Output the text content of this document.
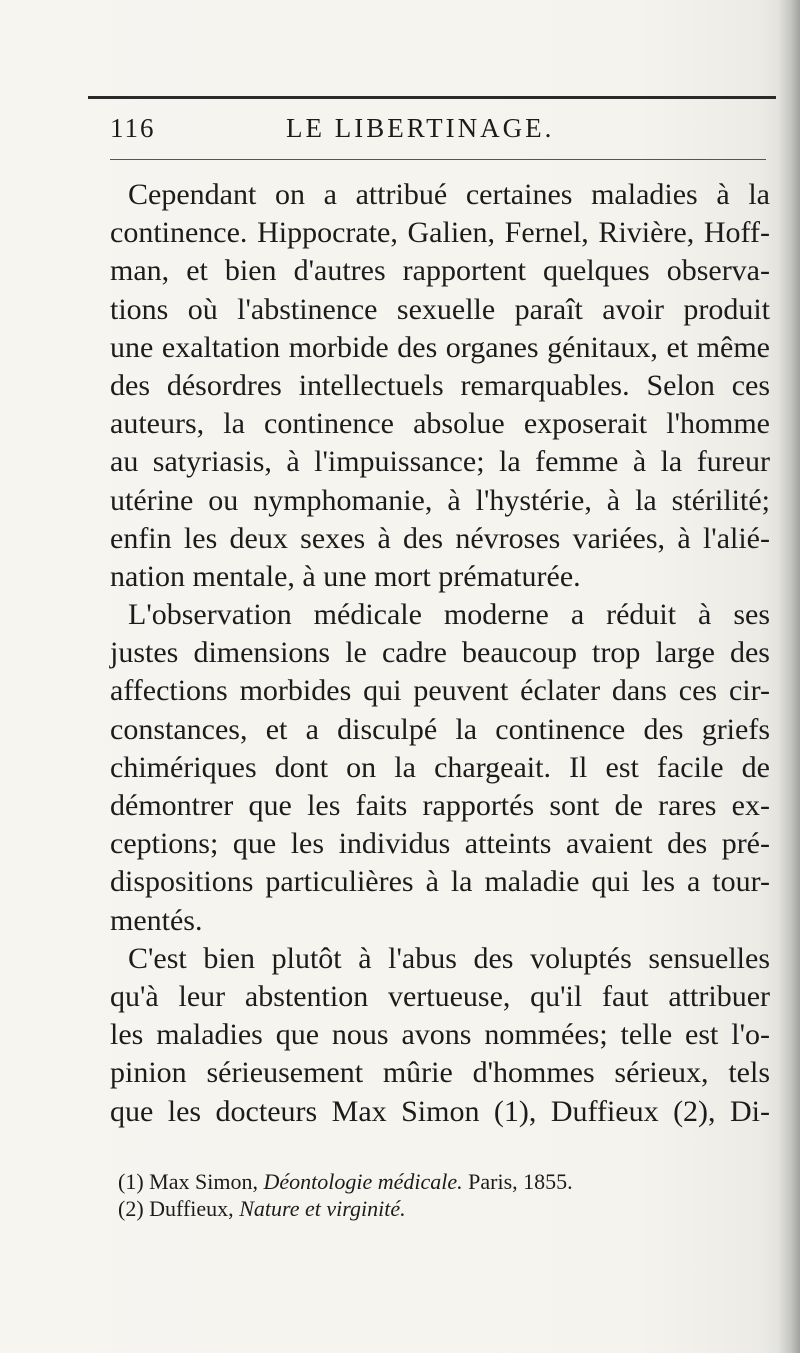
116	LE LIBERTINAGE.
Cependant on a attribué certaines maladies à la
continence. Hippocrate, Galien, Fernel, Rivière, Hoff-
man, et bien d'autres rapportent quelques observa-
tions où l'abstinence sexuelle paraît avoir produit
une exaltation morbide des organes génitaux, et même
des désordres intellectuels remarquables. Selon ces
auteurs, la continence absolue exposerait l'homme
au satyriasis, à l'impuissance; la femme à la fureur
utérine ou nymphomanie, à l'hystérie, à la stérilité;
enfin les deux sexes à des névroses variées, à l'alié-
nation mentale, à une mort prématurée.
L'observation médicale moderne a réduit à ses
justes dimensions le cadre beaucoup trop large des
affections morbides qui peuvent éclater dans ces cir-
constances, et a disculpé la continence des griefs
chimériques dont on la chargeait. Il est facile de
démontrer que les faits rapportés sont de rares ex-
ceptions; que les individus atteints avaient des pré-
dispositions particulières à la maladie qui les a tour-
mentés.
C'est bien plutôt à l'abus des voluptés sensuelles
qu'à leur abstention vertueuse, qu'il faut attribuer
les maladies que nous avons nommées; telle est l'o-
pinion sérieusement mûrie d'hommes sérieux, tels
que les docteurs Max Simon (1), Duffieux (2), Di-
(1) Max Simon, Déontologie médicale. Paris, 1855.
(2) Duffieux, Nature et virginité.
